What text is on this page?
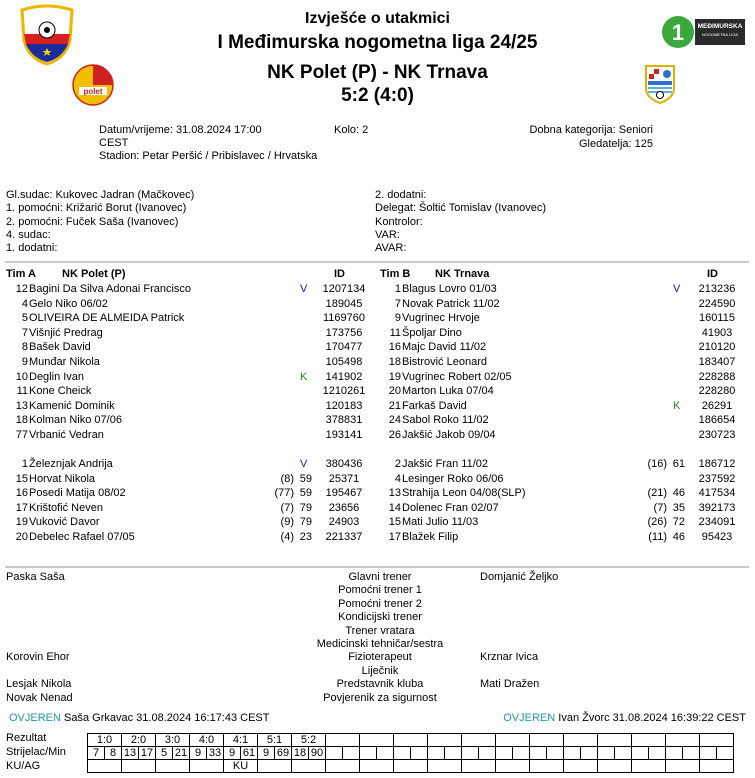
polet
1 MEĐIMURSKA
NOGOMETNA LIGA
Izvješće o utakmici
I Međimurska nogometna liga 24/25
NK Polet (P) - NK Trnava
5:2 (4:0)
Datum/vrijeme: 31.08.2024 17:00
CEST
Stadion: Petar Peršić / Pribislavec / Hrvatska
Kolo: 2	Dobna kategorija: Seniori
Gledatelja: 125
Gl.sudac: Kukovec Jadran (Mačkovec)
1. pomoćni: Križarić Borut (Ivanovec)
2. pomoćni: Fuček Saša (Ivanovec)
4. sudac:
1. dodatni:
2. dodatni:
Delegat: Šoltić Tomislav (Ivanovec)
Kontrolor:
VAR:
AVAR:
Tim A NK Polet (P)	ID	Tim B NK Trnava	ID
12 Bagini Da Silva Adonai Francisco	V	1207134
4 Gelo Niko 06/02	189045
5 OLIVEIRA DE ALMEIDA Patrick	1169760
7 Višnjić Predrag	173756
8 Bašek David	170477
9 Munđar Nikola	105498
10 Deglin Ivan	K	141902
11 Kone Cheick	1210261
13 Kamenić Dominik	120183
18 Kolman Niko 07/06	378831
77 Vrbanić Vedran	193141
1 Železnjak Andrija	V	380436
15 Horvat Nikola	(8) 59	25371
16 Posedi Matija 08/02	(77) 59	195467
17 Krištofić Neven	(7) 79	23656
19 Vuković Davor	(9) 79	24903
20 Debelec Rafael 07/05	(4) 23	221337
1 Blagus Lovro 01/03	V	213236
7 Novak Patrick 11/02	224590
9 Vugrinec Hrvoje	160115
11 Špoljar Dino	41903
16 Majc David 11/02	210120
18 Bistrović Leonard	183407
19 Vugrinec Robert 02/05	228288
20 Marton Luka 07/04	228280
21 Farkaš David	K	26291
24 Sabol Roko 11/02	186654
26 Jakšić Jakob 09/04	230723
2 Jakšić Fran 11/02	(16) 61	186712
4 Lesinger Roko 06/06	237592
13 Strahija Leon 04/08(SLP)	(21) 46	417534
14 Dolenec Fran 02/07	(7) 35	392173
15 Mati Julio 11/03	(26) 72	234091
17 Blažek Filip	(11) 46	95423
Paska Saša	Glavni trener	Domjanić Željko
Pomoćni trener 1
Pomoćni trener 2
Kondicijski trener
Trener vratara
Medicinski tehničar/sestra
Korovin Ehor	Fizioterapeut	Krznar Ivica
Liječnik
Lesjak Nikola	Predstavnik kluba	Mati Dražen
Novak Nenad	Povjerenik za sigurnost
OVJEREN Saša Grkavac 31.08.2024 16:17:43 CEST	OVJEREN Ivan Žvorc 31.08.2024 16:39:22 CEST
Rezultat
Strijelac/Min
KU/AG
1:0		2:0		3:0		4:0		4:1		5:1		5:2																									
7	8	13	17	5	21	9	33	9	61	9	69	18	90																								
								KU																													
